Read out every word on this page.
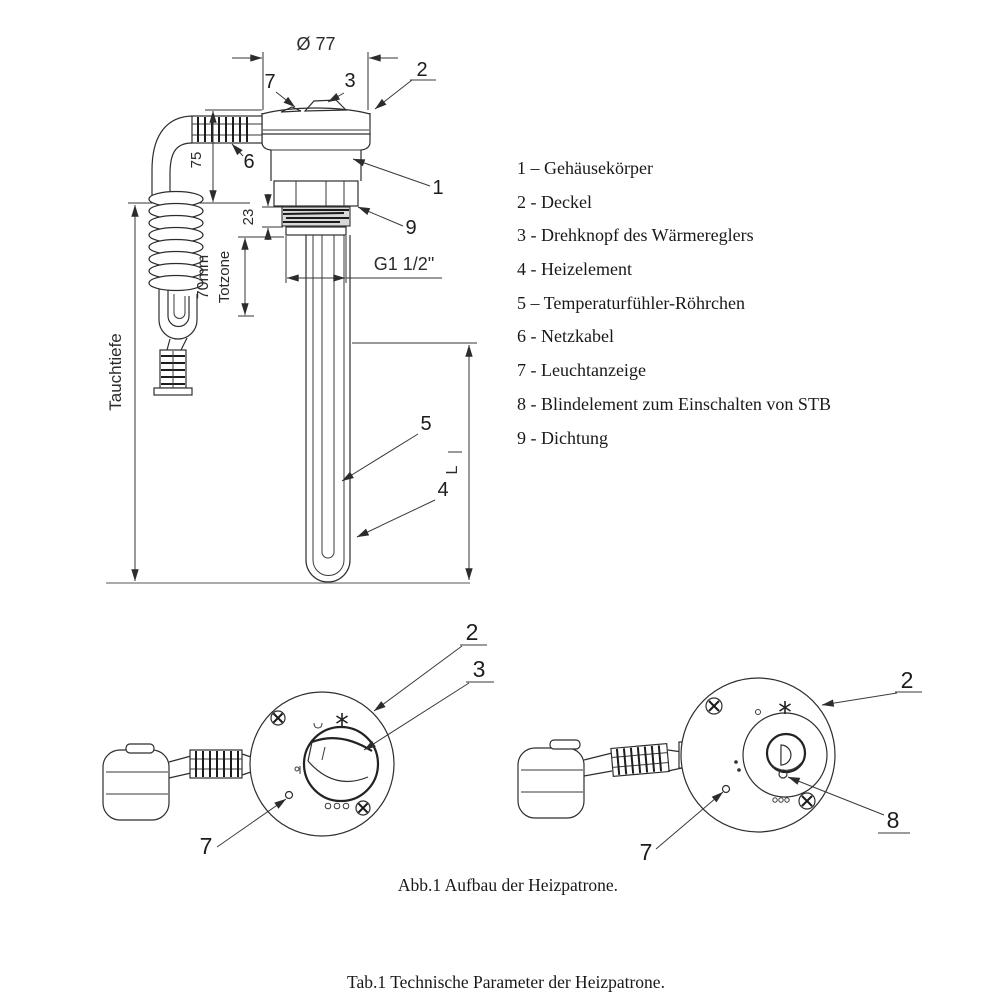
Ø 77
75
Tauchtiefe
23
70mm Totzone	G1 1/2"
L
7	3	2
6
1
9
5
4
2
3
7
2
8
7
1 – Gehäusekörper
2 - Deckel
3 - Drehknopf des Wärmereglers
4 - Heizelement
5 – Temperaturfühler-Röhrchen
6 - Netzkabel
7 - Leuchtanzeige
8 - Blindelement zum Einschalten von STB
9 - Dichtung
Abb.1 Aufbau der Heizpatrone.
Tab.1 Technische Parameter der Heizpatrone.
